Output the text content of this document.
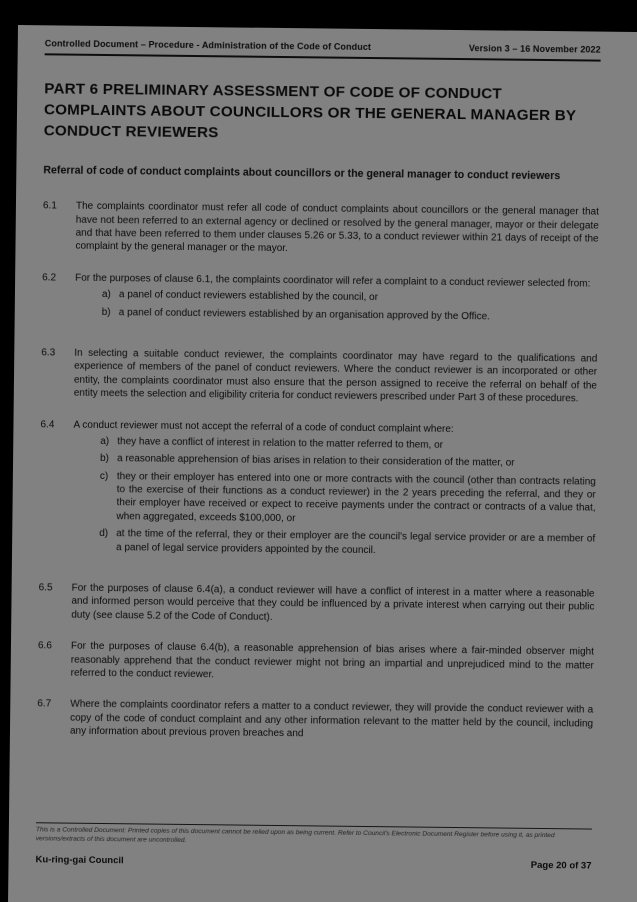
Controlled Document – Procedure - Administration of the Code of Conduct	Version 3 – 16 November 2022
PART 6 PRELIMINARY ASSESSMENT OF CODE OF CONDUCT COMPLAINTS ABOUT COUNCILLORS OR THE GENERAL MANAGER BY CONDUCT REVIEWERS
Referral of code of conduct complaints about councillors or the general manager to conduct reviewers
6.1	The complaints coordinator must refer all code of conduct complaints about councillors or the general manager that have not been referred to an external agency or declined or resolved by the general manager, mayor or their delegate and that have been referred to them under clauses 5.26 or 5.33, to a conduct reviewer within 21 days of receipt of the complaint by the general manager or the mayor.
6.2	For the purposes of clause 6.1, the complaints coordinator will refer a complaint to a conduct reviewer selected from:
a) a panel of conduct reviewers established by the council, or
b) a panel of conduct reviewers established by an organisation approved by the Office.
6.3	In selecting a suitable conduct reviewer, the complaints coordinator may have regard to the qualifications and experience of members of the panel of conduct reviewers. Where the conduct reviewer is an incorporated or other entity, the complaints coordinator must also ensure that the person assigned to receive the referral on behalf of the entity meets the selection and eligibility criteria for conduct reviewers prescribed under Part 3 of these procedures.
6.4	A conduct reviewer must not accept the referral of a code of conduct complaint where:
a) they have a conflict of interest in relation to the matter referred to them, or
b) a reasonable apprehension of bias arises in relation to their consideration of the matter, or
c) they or their employer has entered into one or more contracts with the council (other than contracts relating to the exercise of their functions as a conduct reviewer) in the 2 years preceding the referral, and they or their employer have received or expect to receive payments under the contract or contracts of a value that, when aggregated, exceeds $100,000, or
d) at the time of the referral, they or their employer are the council's legal service provider or are a member of a panel of legal service providers appointed by the council.
6.5	For the purposes of clause 6.4(a), a conduct reviewer will have a conflict of interest in a matter where a reasonable and informed person would perceive that they could be influenced by a private interest when carrying out their public duty (see clause 5.2 of the Code of Conduct).
6.6	For the purposes of clause 6.4(b), a reasonable apprehension of bias arises where a fair-minded observer might reasonably apprehend that the conduct reviewer might not bring an impartial and unprejudiced mind to the matter referred to the conduct reviewer.
6.7	Where the complaints coordinator refers a matter to a conduct reviewer, they will provide the conduct reviewer with a copy of the code of conduct complaint and any other information relevant to the matter held by the council, including any information about previous proven breaches and
This is a Controlled Document: Printed copies of this document cannot be relied upon as being current. Refer to Council's Electronic Document Register before using it, as printed versions/extracts of this document are uncontrolled.
Ku-ring-gai Council	Page 20 of 37
